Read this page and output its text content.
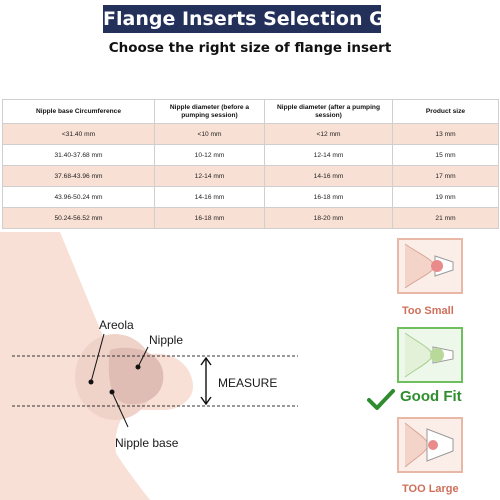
Flange Inserts Selection Guide
Choose the right size of flange insert
Nipple base Circumference	Nipple diameter (before a pumping session)	Nipple diameter (after a pumping session)	Product size
<31.40 mm	<10 mm	<12 mm	13 mm
31.40-37.68 mm	10-12 mm	12-14 mm	15 mm
37.68-43.96 mm	12-14 mm	14-16 mm	17 mm
43.96-50.24 mm	14-16 mm	16-18 mm	19 mm
50.24-56.52 mm	16-18 mm	18-20 mm	21 mm
Areola
Nipple
MEASURE
Nipple base
Too Small
Good Fit
TOO Large
